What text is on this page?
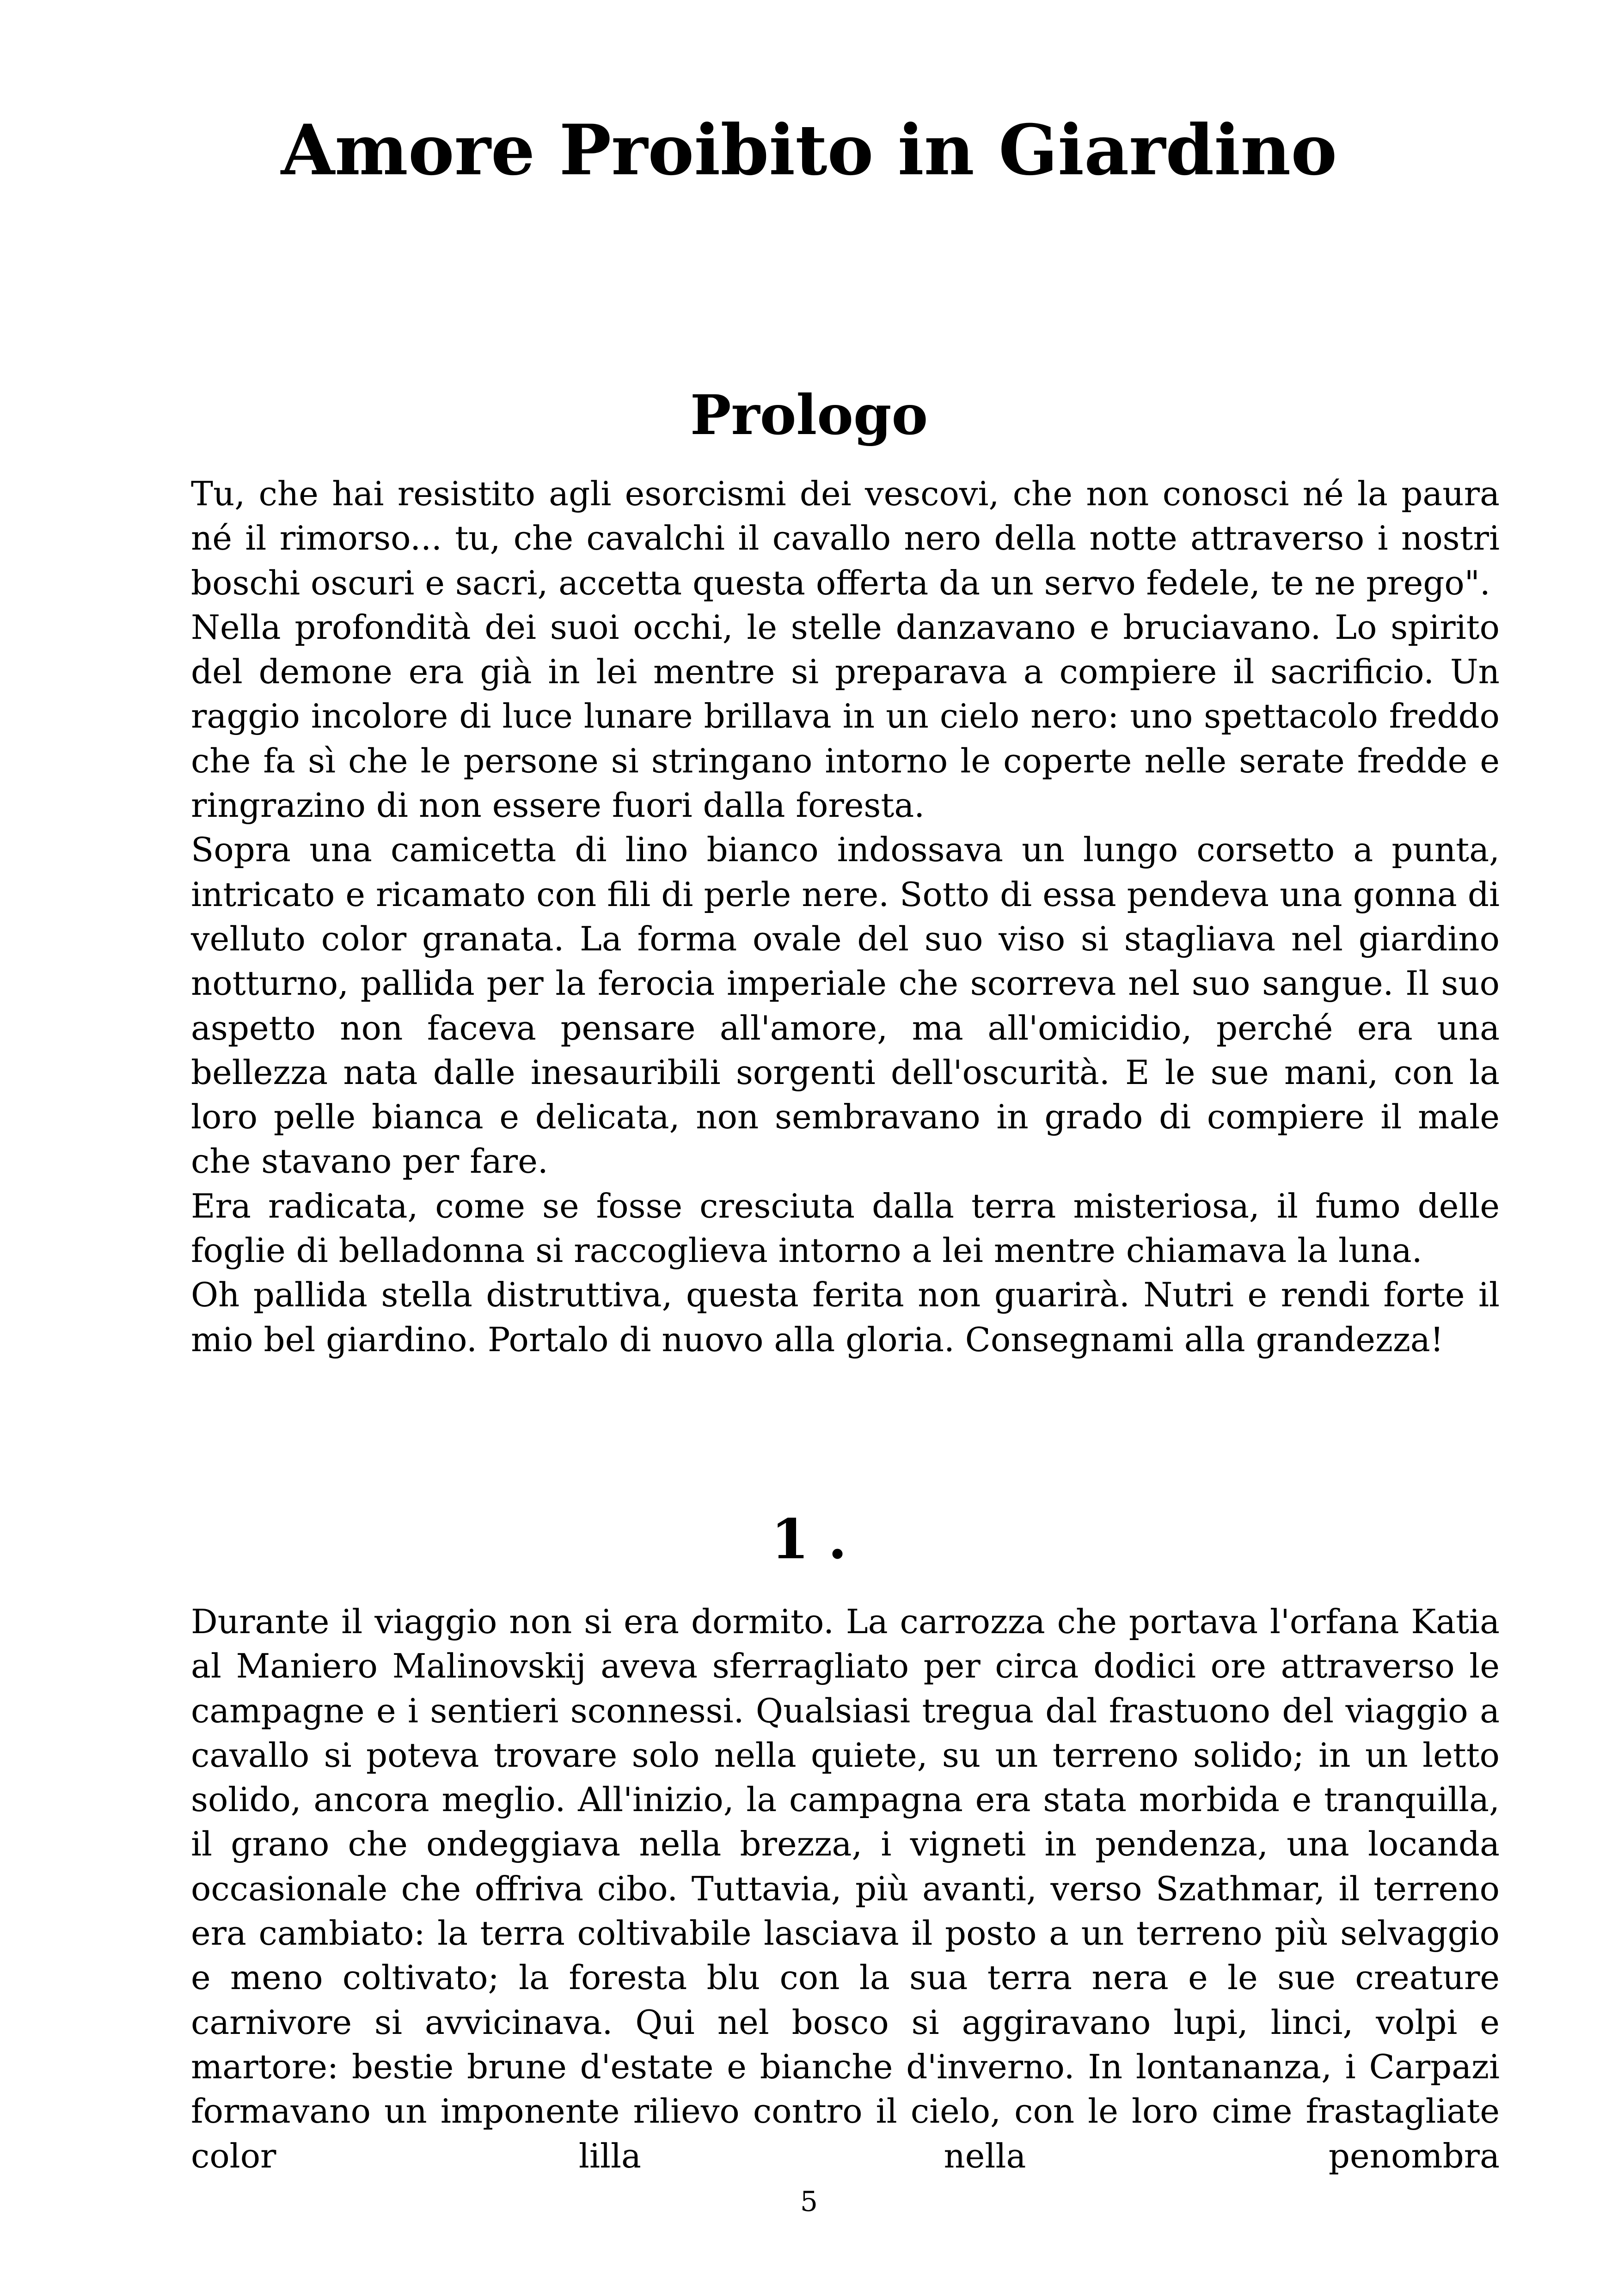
Amore Proibito in Giardino
Prologo

Tu, che hai resistito agli esorcismi dei vescovi, che non conosci né la paura né il rimorso... tu, che cavalchi il cavallo nero della notte attraverso i nostri boschi oscuri e sacri, accetta questa offerta da un servo fedele, te ne prego".

Nella profondità dei suoi occhi, le stelle danzavano e bruciavano. Lo spirito del demone era già in lei mentre si preparava a compiere il sacrificio. Un raggio incolore di luce lunare brillava in un cielo nero: uno spettacolo freddo che fa sì che le persone si stringano intorno le coperte nelle serate fredde e ringrazino di non essere fuori dalla foresta.

Sopra una camicetta di lino bianco indossava un lungo corsetto a punta, intricato e ricamato con fili di perle nere. Sotto di essa pendeva una gonna di velluto color granata. La forma ovale del suo viso si stagliava nel giardino notturno, pallida per la ferocia imperiale che scorreva nel suo sangue. Il suo aspetto non faceva pensare all'amore, ma all'omicidio, perché era una bellezza nata dalle inesauribili sorgenti dell'oscurità. E le sue mani, con la loro pelle bianca e delicata, non sembravano in grado di compiere il male che stavano per fare.

Era radicata, come se fosse cresciuta dalla terra misteriosa, il fumo delle foglie di belladonna si raccoglieva intorno a lei mentre chiamava la luna.

Oh pallida stella distruttiva, questa ferita non guarirà. Nutri e rendi forte il mio bel giardino. Portalo di nuovo alla gloria. Consegnami alla grandezza!

1 .

Durante il viaggio non si era dormito. La carrozza che portava l'orfana Katia al Maniero Malinovskij aveva sferragliato per circa dodici ore attraverso le campagne e i sentieri sconnessi. Qualsiasi tregua dal frastuono del viaggio a cavallo si poteva trovare solo nella quiete, su un terreno solido; in un letto solido, ancora meglio. All'inizio, la campagna era stata morbida e tranquilla, il grano che ondeggiava nella brezza, i vigneti in pendenza, una locanda occasionale che offriva cibo. Tuttavia, più avanti, verso Szathmar, il terreno era cambiato: la terra coltivabile lasciava il posto a un terreno più selvaggio e meno coltivato; la foresta blu con la sua terra nera e le sue creature carnivore si avvicinava. Qui nel bosco si aggiravano lupi, linci, volpi e martore: bestie brune d'estate e bianche d'inverno. In lontananza, i Carpazi formavano un imponente rilievo contro il cielo, con le loro cime frastagliate color lilla nella penombra

5
